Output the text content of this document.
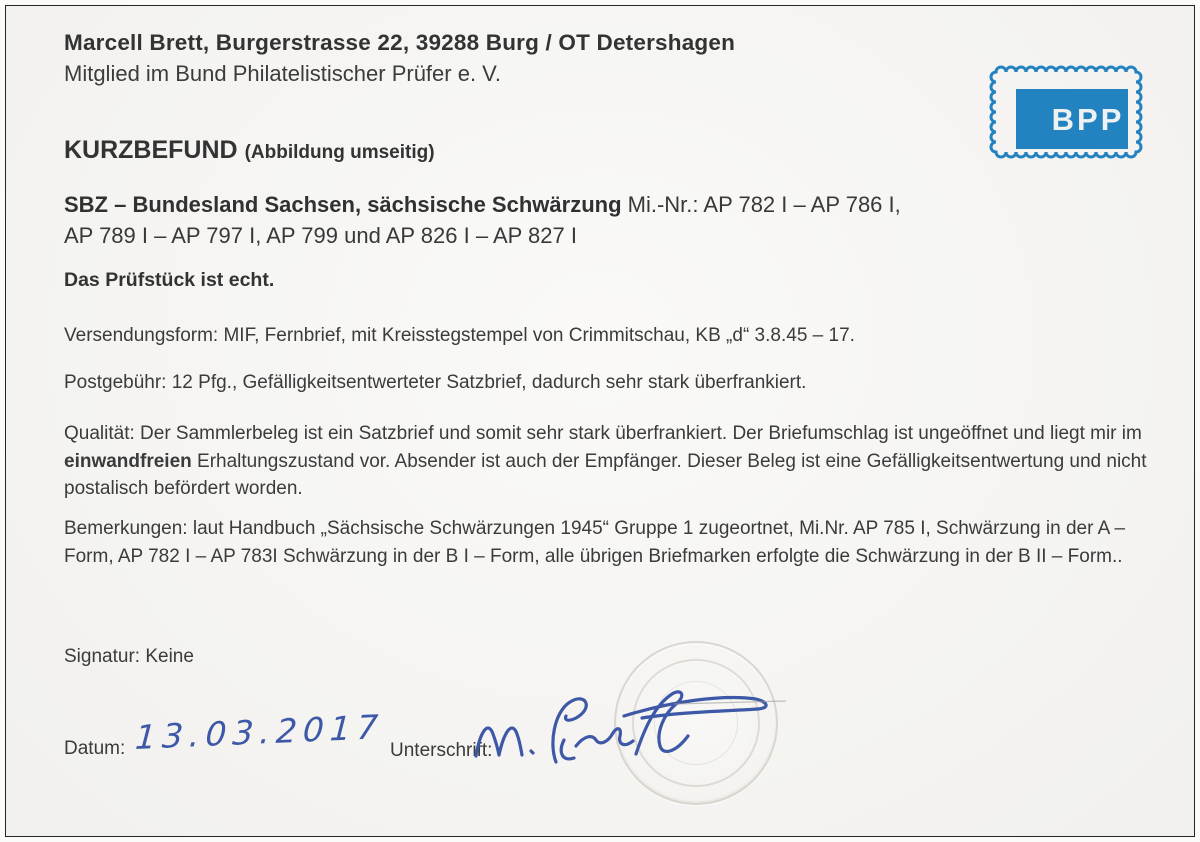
Marcell Brett, Burgerstrasse 22, 39288 Burg / OT Detershagen
Mitglied im Bund Philatelistischer Prüfer e. V.
BPP
KURZBEFUND (Abbildung umseitig)
SBZ – Bundesland Sachsen, sächsische Schwärzung Mi.-Nr.: AP 782 I – AP 786 I,
AP 789 I – AP 797 I, AP 799 und AP 826 I – AP 827 I
Das Prüfstück ist echt.
Versendungsform: MIF, Fernbrief, mit Kreisstegstempel von Crimmitschau, KB „d“ 3.8.45 – 17.
Postgebühr: 12 Pfg., Gefälligkeitsentwerteter Satzbrief, dadurch sehr stark überfrankiert.
Qualität: Der Sammlerbeleg ist ein Satzbrief und somit sehr stark überfrankiert. Der Briefumschlag ist ungeöffnet und liegt mir im einwandfreien Erhaltungszustand vor. Absender ist auch der Empfänger. Dieser Beleg ist eine Gefälligkeitsentwertung und nicht postalisch befördert worden.
Bemerkungen: laut Handbuch „Sächsische Schwärzungen 1945“ Gruppe 1 zugeortnet, Mi.Nr. AP 785 I, Schwärzung in der A – Form, AP 782 I – AP 783I Schwärzung in der B I – Form, alle übrigen Briefmarken erfolgte die Schwärzung in der B II – Form..
Signatur: Keine
Datum: 13.03.2017 Unterschrift:
